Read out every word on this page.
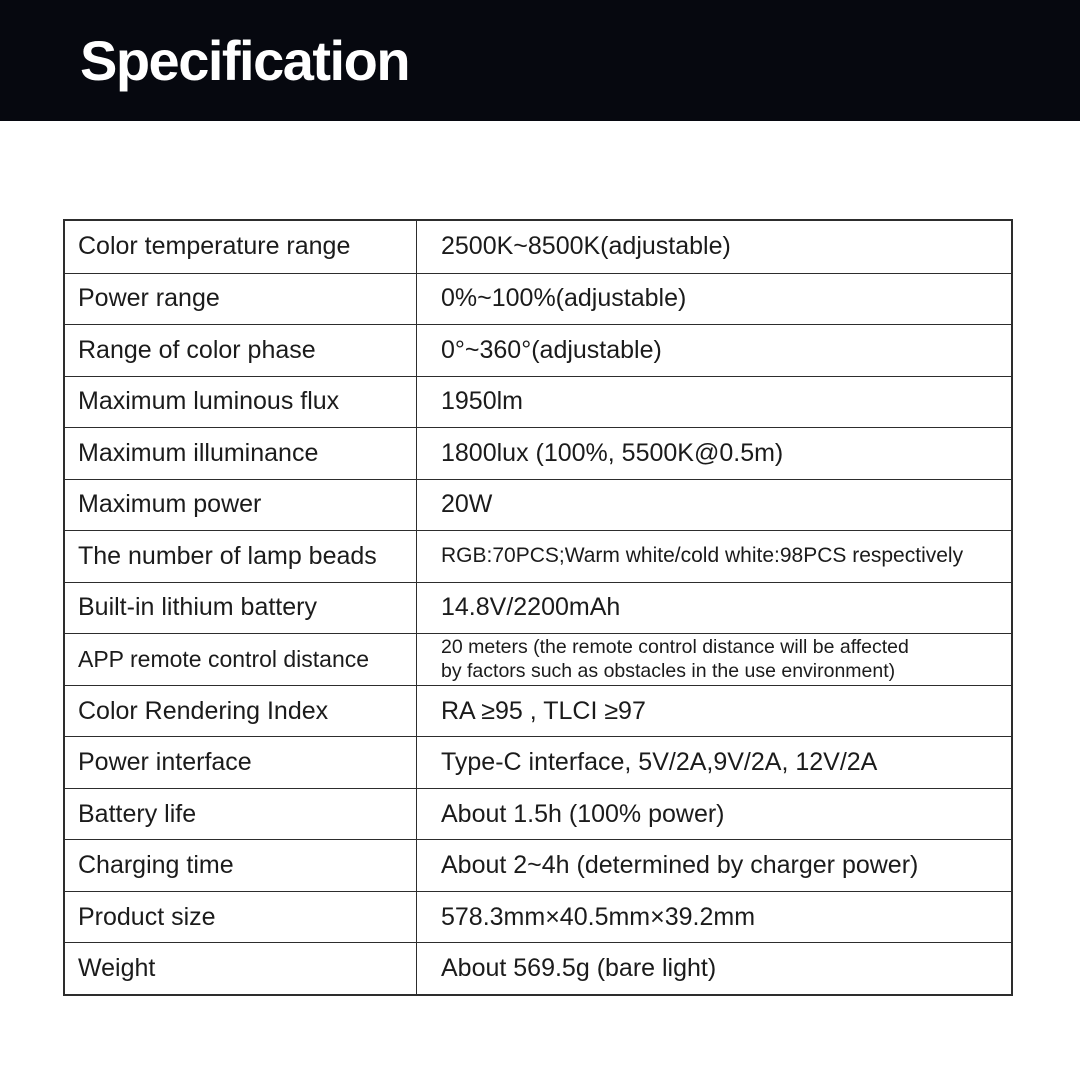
Specification
Color temperature range	2500K~8500K(adjustable)
Power range	0%~100%(adjustable)
Range of color phase	0°~360°(adjustable)
Maximum luminous flux	1950lm
Maximum illuminance	1800lux (100%, 5500K@0.5m)
Maximum power	20W
The number of lamp beads	RGB:70PCS;Warm white/cold white:98PCS respectively
Built-in lithium battery	14.8V/2200mAh
APP remote control distance	20 meters (the remote control distance will be affected
by factors such as obstacles in the use environment)
Color Rendering Index	RA ≥95 , TLCI ≥97
Power interface	Type-C interface, 5V/2A,9V/2A, 12V/2A
Battery life	About 1.5h (100% power)
Charging time	About 2~4h (determined by charger power)
Product size	578.3mm×40.5mm×39.2mm
Weight	About 569.5g (bare light)
